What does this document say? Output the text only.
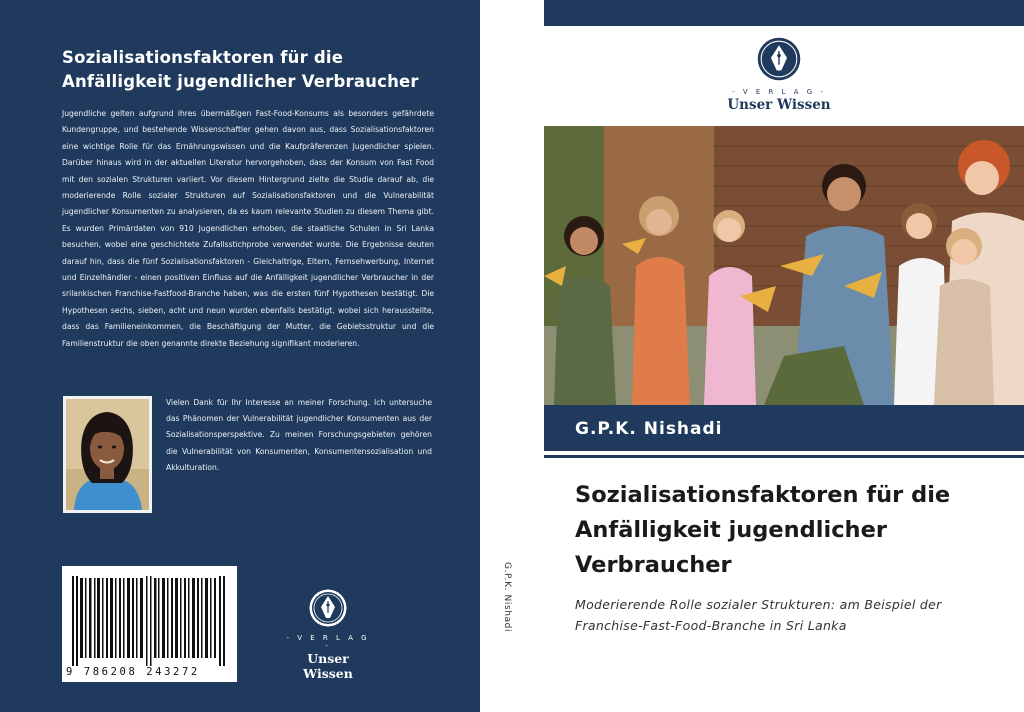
Sozialisationsfaktoren für die Anfälligkeit jugendlicher Verbraucher
Jugendliche gelten aufgrund ihres übermäßigen Fast-Food-Konsums als besonders gefährdete Kundengruppe, und bestehende Wissenschaftler gehen davon aus, dass Sozialisationsfaktoren eine wichtige Rolle für das Ernährungswissen und die Kaufpräferenzen Jugendlicher spielen. Darüber hinaus wird in der aktuellen Literatur hervorgehoben, dass der Konsum von Fast Food mit den sozialen Strukturen variiert. Vor diesem Hintergrund zielte die Studie darauf ab, die moderierende Rolle sozialer Strukturen auf Sozialisationsfaktoren und die Vulnerabilität jugendlicher Konsumenten zu analysieren, da es kaum relevante Studien zu diesem Thema gibt. Es wurden Primärdaten von 910 Jugendlichen erhoben, die staatliche Schulen in Sri Lanka besuchen, wobei eine geschichtete Zufallsstichprobe verwendet wurde. Die Ergebnisse deuten darauf hin, dass die fünf Sozialisationsfaktoren - Gleichaltrige, Eltern, Fernsehwerbung, Internet und Einzelhändler - einen positiven Einfluss auf die Anfälligkeit jugendlicher Verbraucher in der srilankischen Franchise-Fastfood-Branche haben, was die ersten fünf Hypothesen bestätigt. Die Hypothesen sechs, sieben, acht und neun wurden ebenfalls bestätigt, wobei sich herausstellte, dass das Familieneinkommen, die Beschäftigung der Mutter, die Gebietsstruktur und die Familienstruktur die oben genannte direkte Beziehung signifikant moderieren.
Vielen Dank für Ihr Interesse an meiner Forschung. Ich untersuche das Phänomen der Vulnerabilität jugendlicher Konsumenten aus der Sozialisationsperspektive. Zu meinen Forschungsgebieten gehören die Vulnerabilität von Konsumenten, Konsumentensozialisation und Akkulturation.
9 786208 243272
- V E R L A G -
Unser Wissen
G.P.K. Nishadi
- V E R L A G -
Unser Wissen
G.P.K. Nishadi
Sozialisationsfaktoren für die Anfälligkeit jugendlicher Verbraucher
Moderierende Rolle sozialer Strukturen: am Beispiel der Franchise-Fast-Food-Branche in Sri Lanka
